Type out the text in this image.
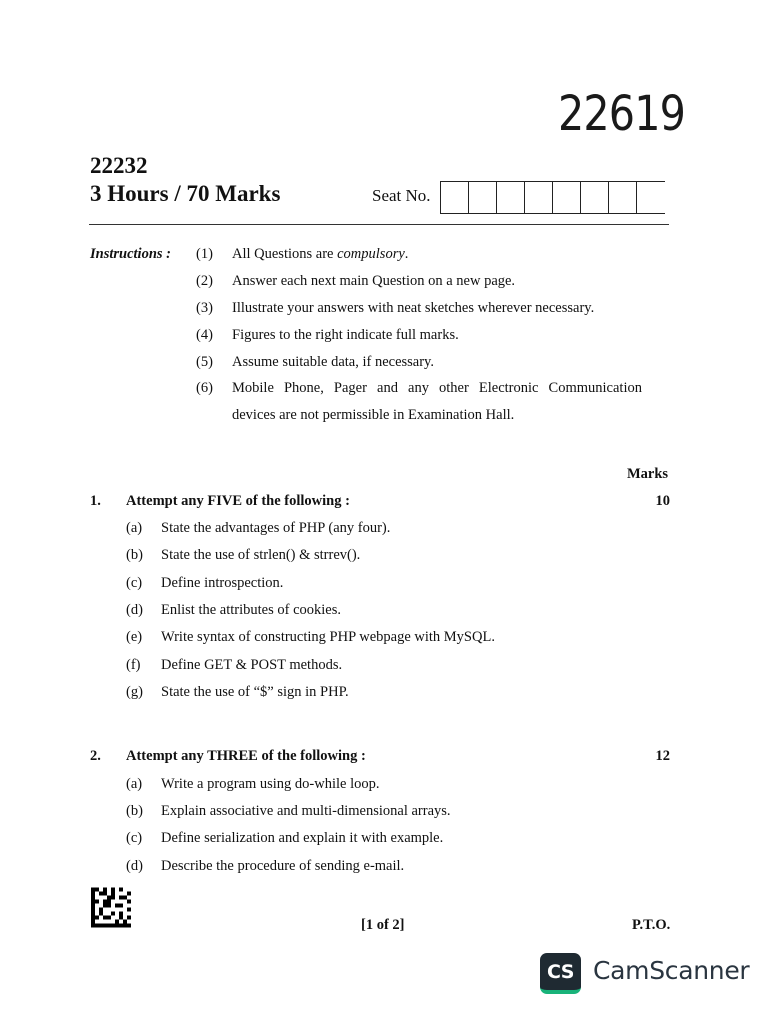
22619
22232
3 Hours / 70 Marks	Seat No.
Instructions : (1) All Questions are compulsory.
(2) Answer each next main Question on a new page.
(3) Illustrate your answers with neat sketches wherever necessary.
(4) Figures to the right indicate full marks.
(5) Assume suitable data, if necessary.
(6) Mobile Phone, Pager and any other Electronic Communication
devices are not permissible in Examination Hall.
Marks
1. Attempt any FIVE of the following :	10
(a) State the advantages of PHP (any four).
(b) State the use of strlen() & strrev().
(c) Define introspection.
(d) Enlist the attributes of cookies.
(e) Write syntax of constructing PHP webpage with MySQL.
(f) Define GET & POST methods.
(g) State the use of “$” sign in PHP.
2. Attempt any THREE of the following :	12
(a) Write a program using do-while loop.
(b) Explain associative and multi-dimensional arrays.
(c) Define serialization and explain it with example.
(d) Describe the procedure of sending e-mail.
[1 of 2]	P.T.O.
CS CamScanner
